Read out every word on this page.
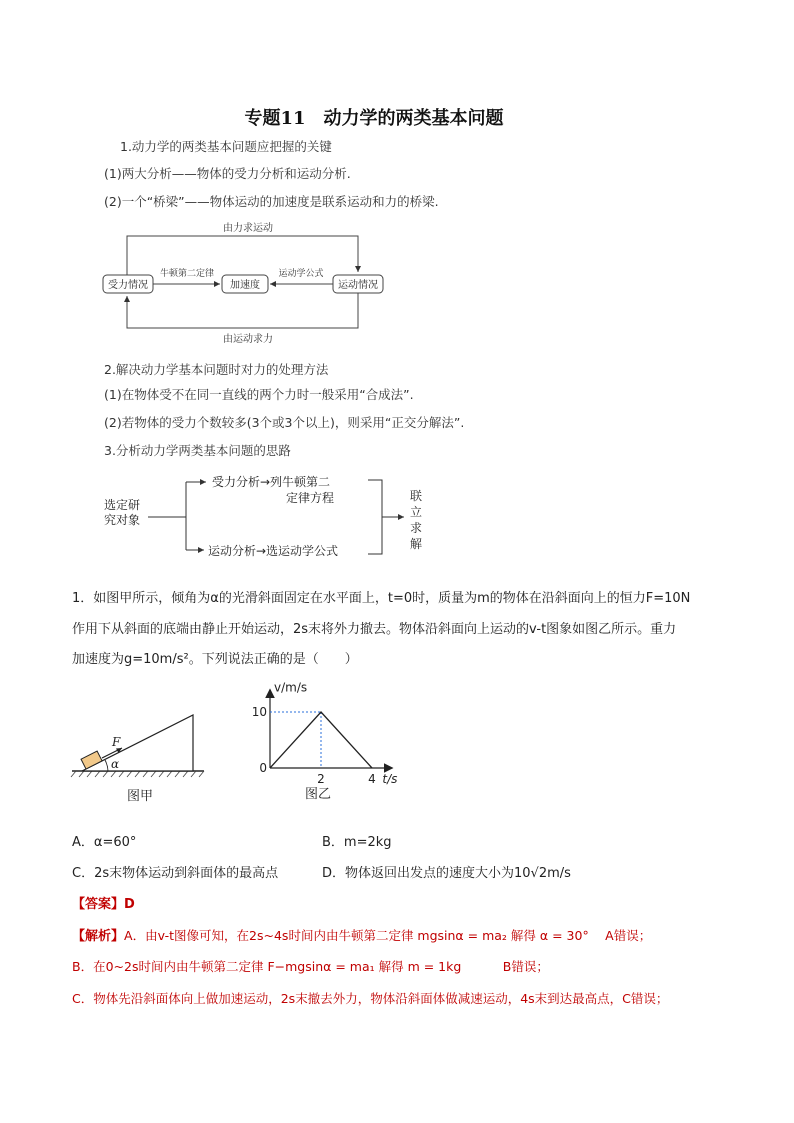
专题11　动力学的两类基本问题
1.动力学的两类基本问题应把握的关键
(1)两大分析——物体的受力分析和运动分析.
(2)一个“桥梁”——物体运动的加速度是联系运动和力的桥梁.
由力求运动
受力情况	加速度	运动情况
牛顿第二定律	运动学公式
由运动求力
2.解决动力学基本问题时对力的处理方法
(1)在物体受不在同一直线的两个力时一般采用“合成法”.
(2)若物体的受力个数较多(3个或3个以上)，则采用“正交分解法”.
3.分析动力学两类基本问题的思路
选定研
究对象
受力分析→列牛顿第二
定律方程
运动分析→选运动学公式
联
立
求
解
1．如图甲所示，倾角为α的光滑斜面固定在水平面上，t=0时，质量为m的物体在沿斜面向上的恒力F=10N
作用下从斜面的底端由静止开始运动，2s末将外力撤去。物体沿斜面向上运动的v-t图象如图乙所示。重力
加速度为g=10m/s²。下列说法正确的是（　　）
F
α
图甲
v/m/s
t/s
0
10
2	4
图乙
A．α=60°	B．m=2kg
C．2s末物体运动到斜面体的最高点	D．物体返回出发点的速度大小为10√2m/s
【答案】D
【解析】A．由v-t图像可知，在2s~4s时间内由牛顿第二定律 mgsinα = ma₂ 解得 α = 30°　 A错误；
B．在0~2s时间内由牛顿第二定律 F−mgsinα = ma₁ 解得 m = 1kg　　　 B错误；
C．物体先沿斜面体向上做加速运动，2s末撤去外力，物体沿斜面体做减速运动，4s末到达最高点，C错误；
